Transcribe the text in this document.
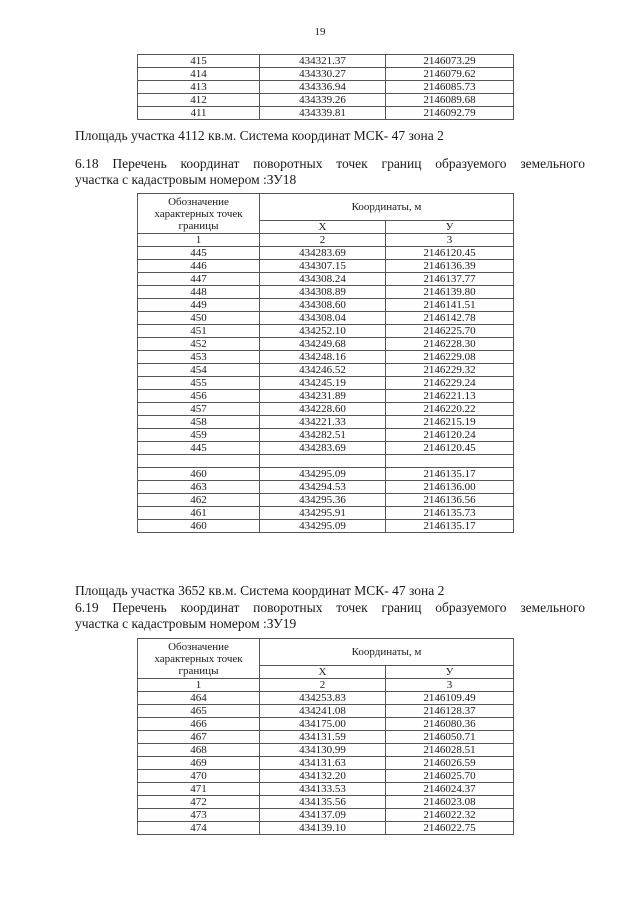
19
415	434321.37	2146073.29
414	434330.27	2146079.62
413	434336.94	2146085.73
412	434339.26	2146089.68
411	434339.81	2146092.79
Площадь участка 4112 кв.м. Система координат МСК- 47 зона 2
6.18 Перечень координат поворотных точек границ образуемого земельного
участка с кадастровым номером :ЗУ18
Обозначение характерных точек границы	Координаты, м	
	X	У
1	2	3
445	434283.69	2146120.45
446	434307.15	2146136.39
447	434308.24	2146137.77
448	434308.89	2146139.80
449	434308.60	2146141.51
450	434308.04	2146142.78
451	434252.10	2146225.70
452	434249.68	2146228.30
453	434248.16	2146229.08
454	434246.52	2146229.32
455	434245.19	2146229.24
456	434231.89	2146221.13
457	434228.60	2146220.22
458	434221.33	2146215.19
459	434282.51	2146120.24
445	434283.69	2146120.45

460	434295.09	2146135.17
463	434294.53	2146136.00
462	434295.36	2146136.56
461	434295.91	2146135.73
460	434295.09	2146135.17
Площадь участка 3652 кв.м. Система координат МСК- 47 зона 2
6.19 Перечень координат поворотных точек границ образуемого земельного
участка с кадастровым номером :ЗУ19
Обозначение характерных точек границы	Координаты, м	
	X	У
1	2	3
464	434253.83	2146109.49
465	434241.08	2146128.37
466	434175.00	2146080.36
467	434131.59	2146050.71
468	434130.99	2146028.51
469	434131.63	2146026.59
470	434132.20	2146025.70
471	434133.53	2146024.37
472	434135.56	2146023.08
473	434137.09	2146022.32
474	434139.10	2146022.75
